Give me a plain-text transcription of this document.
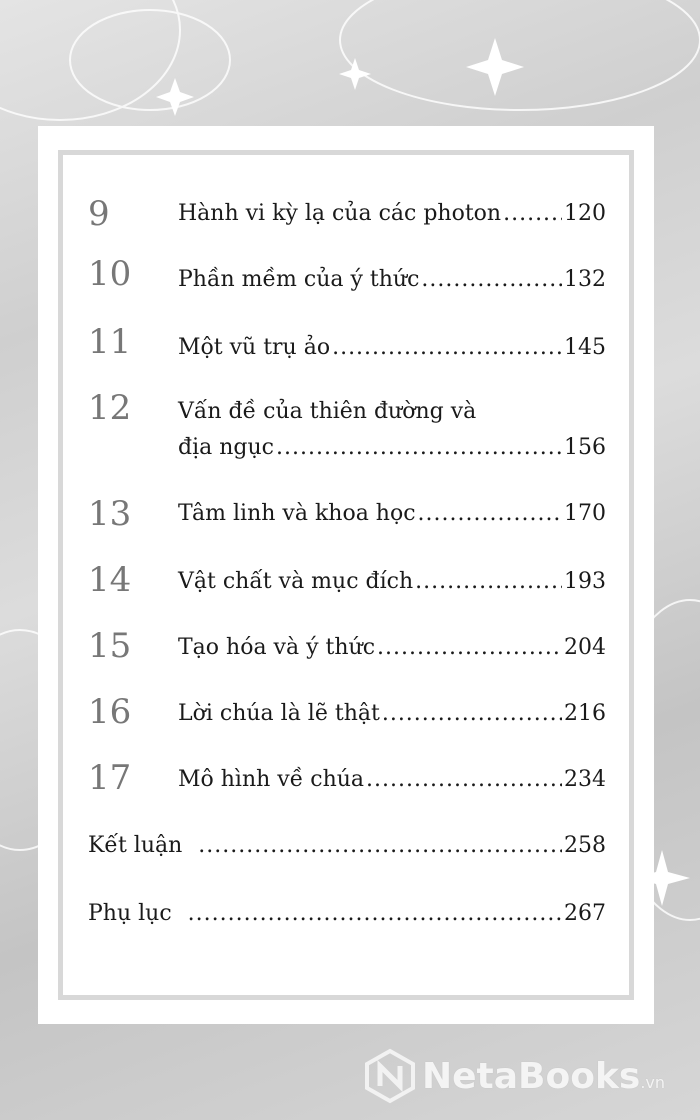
9	Hành vi kỳ lạ của các photon .....	120
10 Phần mềm của ý thức .....	132
11 Một vũ trụ ảo .....	145
12 Vấn đề của thiên đường và
địa ngục .....	156
13 Tâm linh và khoa học .....	170
14 Vật chất và mục đích .....	193
15 Tạo hóa và ý thức .....	204
16 Lời chúa là lẽ thật .....	216
17 Mô hình về chúa .....	234
Kết luận .....	258
Phụ lục .....	267
NetaBooks.vn
